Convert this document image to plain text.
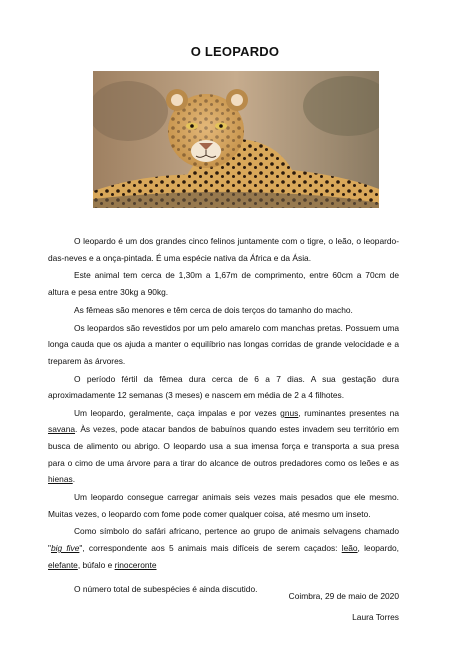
O LEOPARDO

O leopardo é um dos grandes cinco felinos juntamente com o tigre, o leão, o leopardo-das-neves e a onça-pintada. É uma espécie nativa da África e da Ásia.

Este animal tem cerca de 1,30m a 1,67m de comprimento, entre 60cm a 70cm de altura e pesa entre 30kg a 90kg.

As fêmeas são menores e têm cerca de dois terços do tamanho do macho.

Os leopardos são revestidos por um pelo amarelo com manchas pretas. Possuem uma longa cauda que os ajuda a manter o equilíbrio nas longas corridas de grande velocidade e a treparem às árvores.

O período fértil da fêmea dura cerca de 6 a 7 dias. A sua gestação dura aproximadamente 12 semanas (3 meses) e nascem em média de 2 a 4 filhotes.

Um leopardo, geralmente, caça impalas e por vezes gnus, ruminantes presentes na savana. Às vezes, pode atacar bandos de babuínos quando estes invadem seu território em busca de alimento ou abrigo. O leopardo usa a sua imensa força e transporta a sua presa para o cimo de uma árvore para a tirar do alcance de outros predadores como os leões e as hienas.

Um leopardo consegue carregar animais seis vezes mais pesados que ele mesmo. Muitas vezes, o leopardo com fome pode comer qualquer coisa, até mesmo um inseto.

Como símbolo do safári africano, pertence ao grupo de animais selvagens chamado "big five", correspondente aos 5 animais mais difíceis de serem caçados: leão, leopardo, elefante, búfalo e rinoceronte

O número total de subespécies é ainda discutido.

Coimbra, 29 de maio de 2020
Laura Torres
